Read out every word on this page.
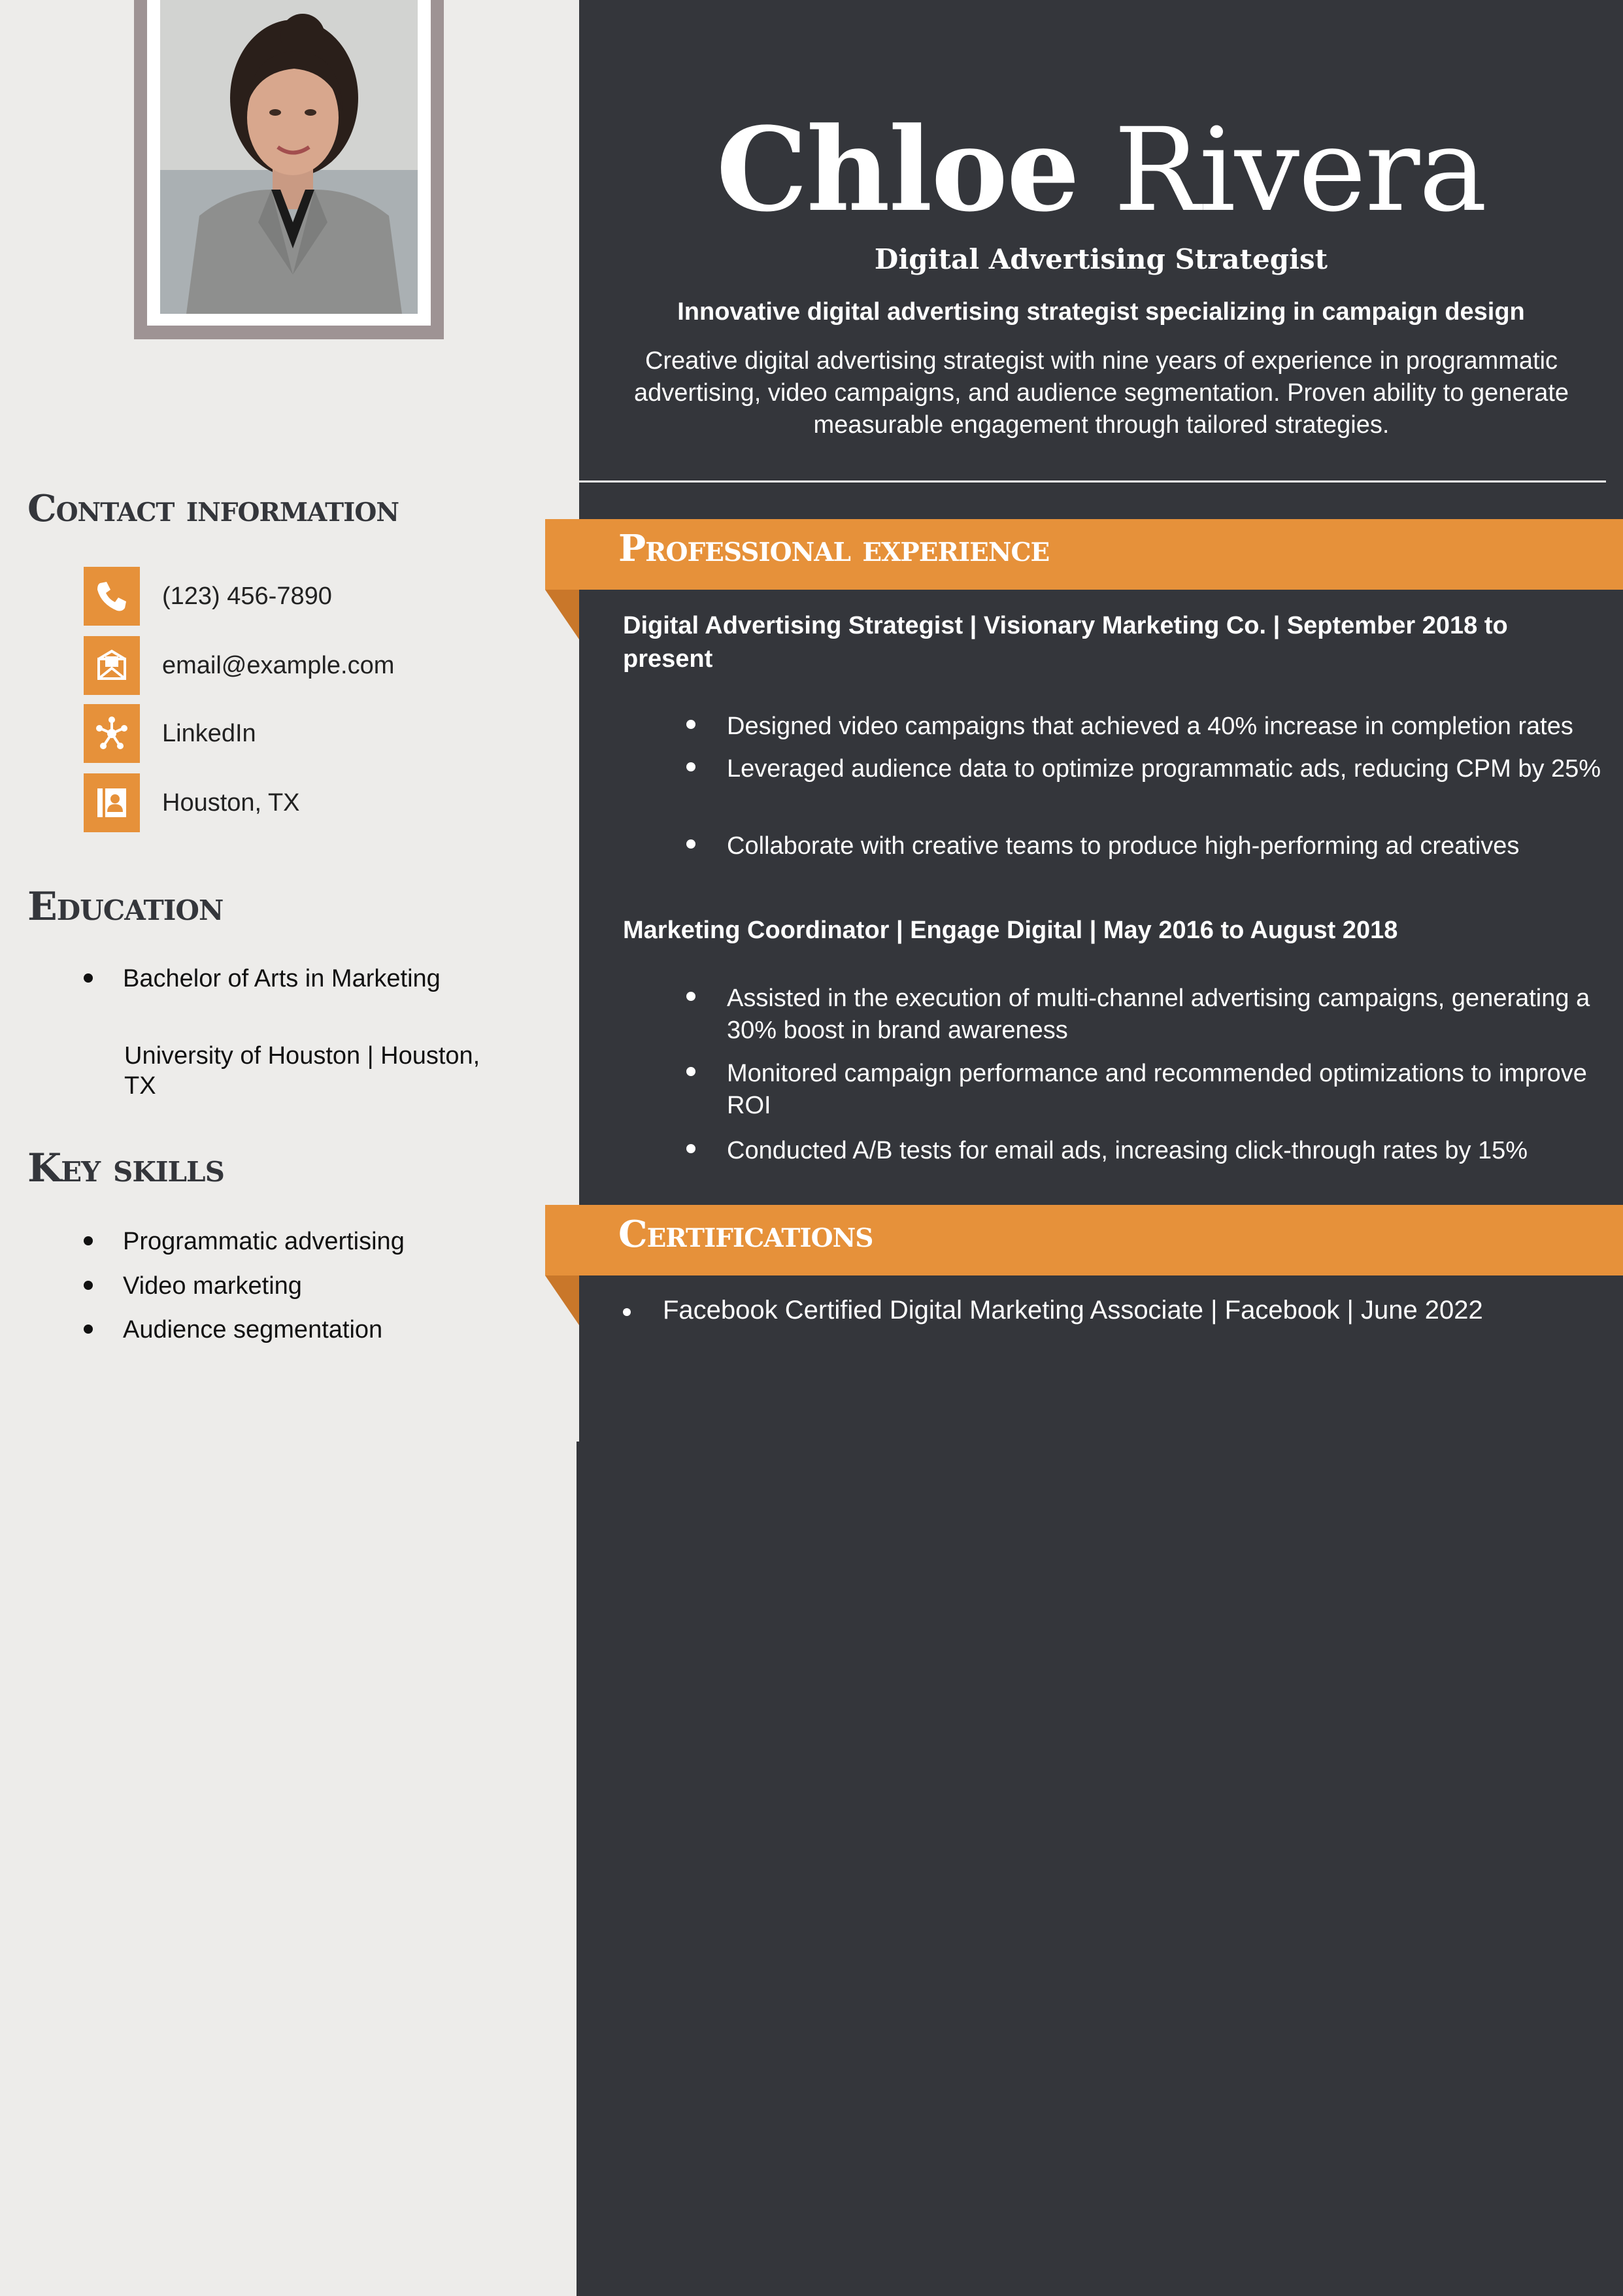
Contact information
(123) 456-7890
email@example.com
LinkedIn
Houston, TX
Education
Bachelor of Arts in Marketing
University of Houston | Houston, TX
Key skills
Programmatic advertising
Video marketing
Audience segmentation
Chloe Rivera
Digital Advertising Strategist
Innovative digital advertising strategist specializing in campaign design
Creative digital advertising strategist with nine years of experience in programmatic advertising, video campaigns, and audience segmentation. Proven ability to generate measurable engagement through tailored strategies.
Professional experience
Digital Advertising Strategist | Visionary Marketing Co. | September 2018 to present
Designed video campaigns that achieved a 40% increase in completion rates
Leveraged audience data to optimize programmatic ads, reducing CPM by 25%
Collaborate with creative teams to produce high-performing ad creatives
Marketing Coordinator | Engage Digital | May 2016 to August 2018
Assisted in the execution of multi-channel advertising campaigns, generating a 30% boost in brand awareness
Monitored campaign performance and recommended optimizations to improve ROI
Conducted A/B tests for email ads, increasing click-through rates by 15%
Certifications
Facebook Certified Digital Marketing Associate | Facebook | June 2022
